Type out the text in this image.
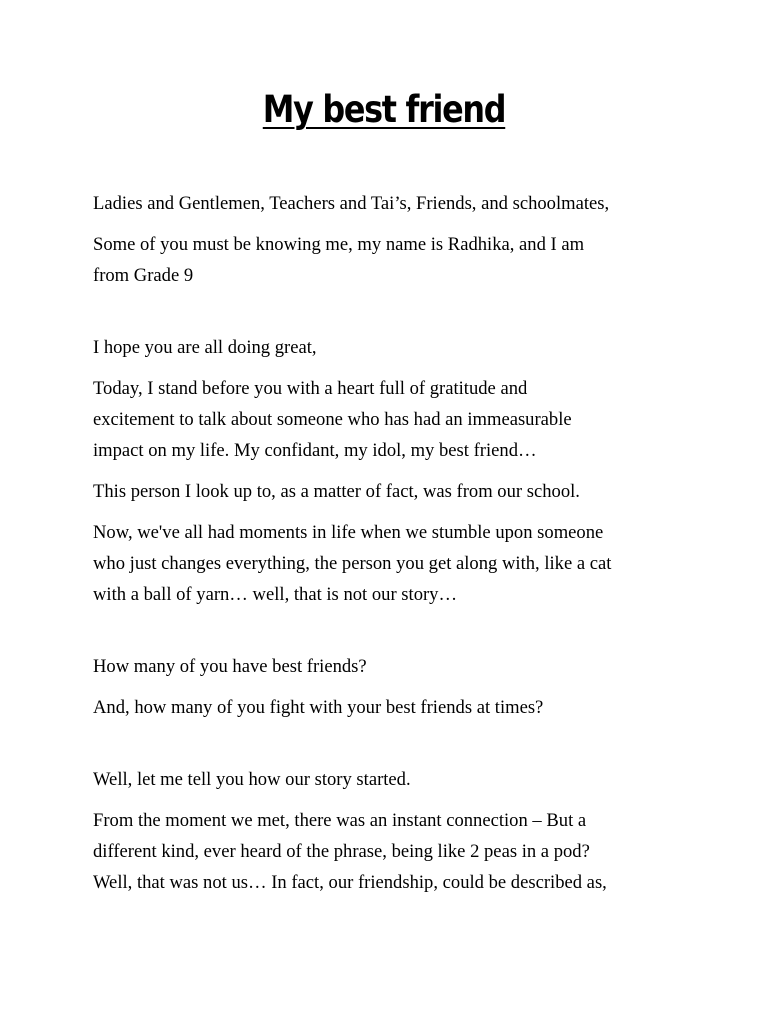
My best friend

Ladies and Gentlemen, Teachers and Tai’s, Friends, and schoolmates,

Some of you must be knowing me, my name is Radhika, and I am
from Grade 9

I hope you are all doing great,

Today, I stand before you with a heart full of gratitude and
excitement to talk about someone who has had an immeasurable
impact on my life. My confidant, my idol, my best friend…

This person I look up to, as a matter of fact, was from our school.

Now, we've all had moments in life when we stumble upon someone
who just changes everything, the person you get along with, like a cat
with a ball of yarn… well, that is not our story…

How many of you have best friends?

And, how many of you fight with your best friends at times?

Well, let me tell you how our story started.

From the moment we met, there was an instant connection – But a
different kind, ever heard of the phrase, being like 2 peas in a pod?
Well, that was not us… In fact, our friendship, could be described as,
